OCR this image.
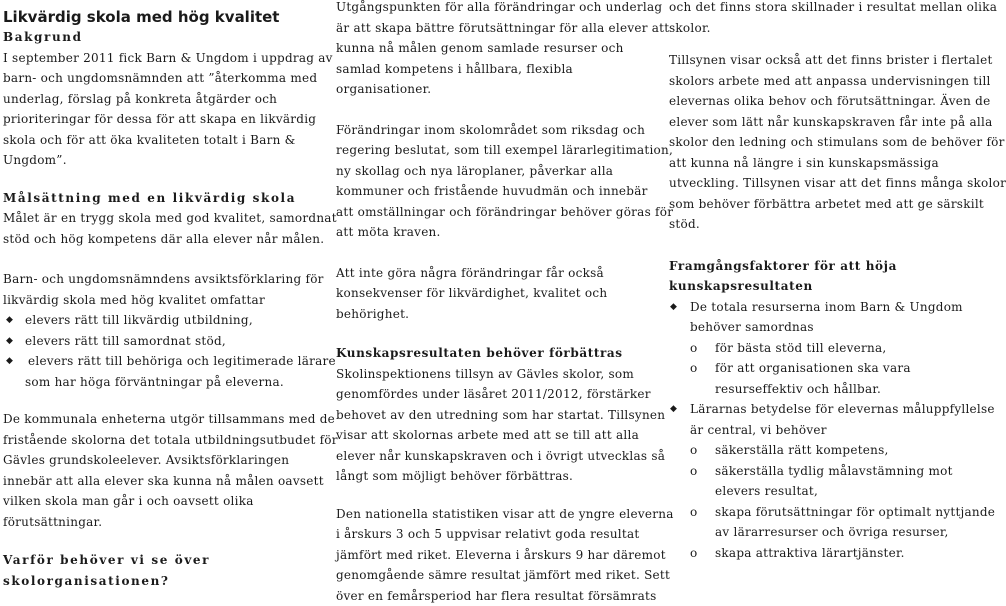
Likvärdig skola med hög kvalitet
Bakgrund
I september 2011 fick Barn & Ungdom i uppdrag av
barn- och ungdomsnämnden att ”återkomma med
underlag, förslag på konkreta åtgärder och
prioriteringar för dessa för att skapa en likvärdig
skola och för att öka kvaliteten totalt i Barn &
Ungdom”.
Målsättning med en likvärdig skola
Målet är en trygg skola med god kvalitet, samordnat
stöd och hög kompetens där alla elever når målen.
Barn- och ungdomsnämndens avsiktsförklaring för
likvärdig skola med hög kvalitet omfattar
◆ elevers rätt till likvärdig utbildning,
◆ elevers rätt till samordnat stöd,
◆ elevers rätt till behöriga och legitimerade lärare
som har höga förväntningar på eleverna.
De kommunala enheterna utgör tillsammans med de
fristående skolorna det totala utbildningsutbudet för
Gävles grundskoleelever. Avsiktsförklaringen
innebär att alla elever ska kunna nå målen oavsett
vilken skola man går i och oavsett olika
förutsättningar.
Varför behöver vi se över
skolorganisationen?
Utgångspunkten för alla förändringar och underlag
är att skapa bättre förutsättningar för alla elever att
kunna nå målen genom samlade resurser och
samlad kompetens i hållbara, flexibla
organisationer.
Förändringar inom skolområdet som riksdag och
regering beslutat, som till exempel lärarlegitimation,
ny skollag och nya läroplaner, påverkar alla
kommuner och fristående huvudmän och innebär
att omställningar och förändringar behöver göras för
att möta kraven.
Att inte göra några förändringar får också
konsekvenser för likvärdighet, kvalitet och
behörighet.
Kunskapsresultaten behöver förbättras
Skolinspektionens tillsyn av Gävles skolor, som
genomfördes under läsåret 2011/2012, förstärker
behovet av den utredning som har startat. Tillsynen
visar att skolornas arbete med att se till att alla
elever når kunskapskraven och i övrigt utvecklas så
långt som möjligt behöver förbättras.
Den nationella statistiken visar att de yngre eleverna
i årskurs 3 och 5 uppvisar relativt goda resultat
jämfört med riket. Eleverna i årskurs 9 har däremot
genomgående sämre resultat jämfört med riket. Sett
över en femårsperiod har flera resultat försämrats
och det finns stora skillnader i resultat mellan olika
skolor.
Tillsynen visar också att det finns brister i flertalet
skolors arbete med att anpassa undervisningen till
elevernas olika behov och förutsättningar. Även de
elever som lätt når kunskapskraven får inte på alla
skolor den ledning och stimulans som de behöver för
att kunna nå längre i sin kunskapsmässiga
utveckling. Tillsynen visar att det finns många skolor
som behöver förbättra arbetet med att ge särskilt
stöd.
Framgångsfaktorer för att höja
kunskapsresultaten
◆ De totala resurserna inom Barn & Ungdom
behöver samordnas
o för bästa stöd till eleverna,
o för att organisationen ska vara
resurseffektiv och hållbar.
◆ Lärarnas betydelse för elevernas måluppfyllelse
är central, vi behöver
o säkerställa rätt kompetens,
o säkerställa tydlig målavstämning mot
elevers resultat,
o skapa förutsättningar för optimalt nyttjande
av lärarresurser och övriga resurser,
o skapa attraktiva lärartjänster.
